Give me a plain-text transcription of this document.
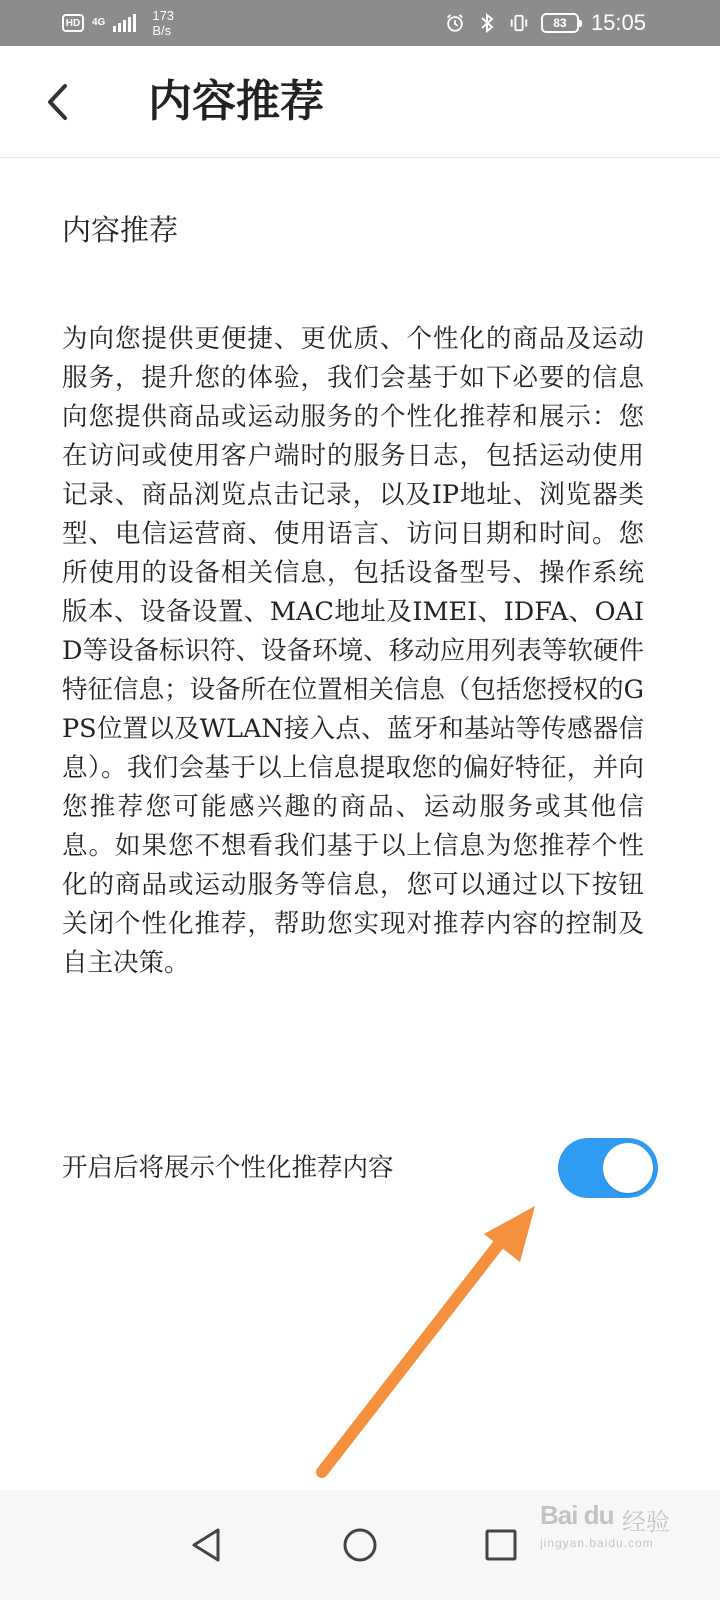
HD	4G	173
B/s	83 15:05
内容推荐
内容推荐
为向您提供更便捷、更优质、个性化的商品及运动服务，提升您的体验，我们会基于如下必要的信息向您提供商品或运动服务的个性化推荐和展示：您在访问或使用客户端时的服务日志，包括运动使用记录、商品浏览点击记录，以及IP地址、浏览器类型、电信运营商、使用语言、访问日期和时间。您所使用的设备相关信息，包括设备型号、操作系统版本、设备设置、MAC地址及IMEI、IDFA、OAID等设备标识符、设备环境、移动应用列表等软硬件特征信息；设备所在位置相关信息（包括您授权的GPS位置以及WLAN接入点、蓝牙和基站等传感器信息）。我们会基于以上信息提取您的偏好特征，并向您推荐您可能感兴趣的商品、运动服务或其他信息。如果您不想看我们基于以上信息为您推荐个性化的商品或运动服务等信息，您可以通过以下按钮关闭个性化推荐，帮助您实现对推荐内容的控制及自主决策。
开启后将展示个性化推荐内容
Bai du 经验
jingyan.baidu.com
